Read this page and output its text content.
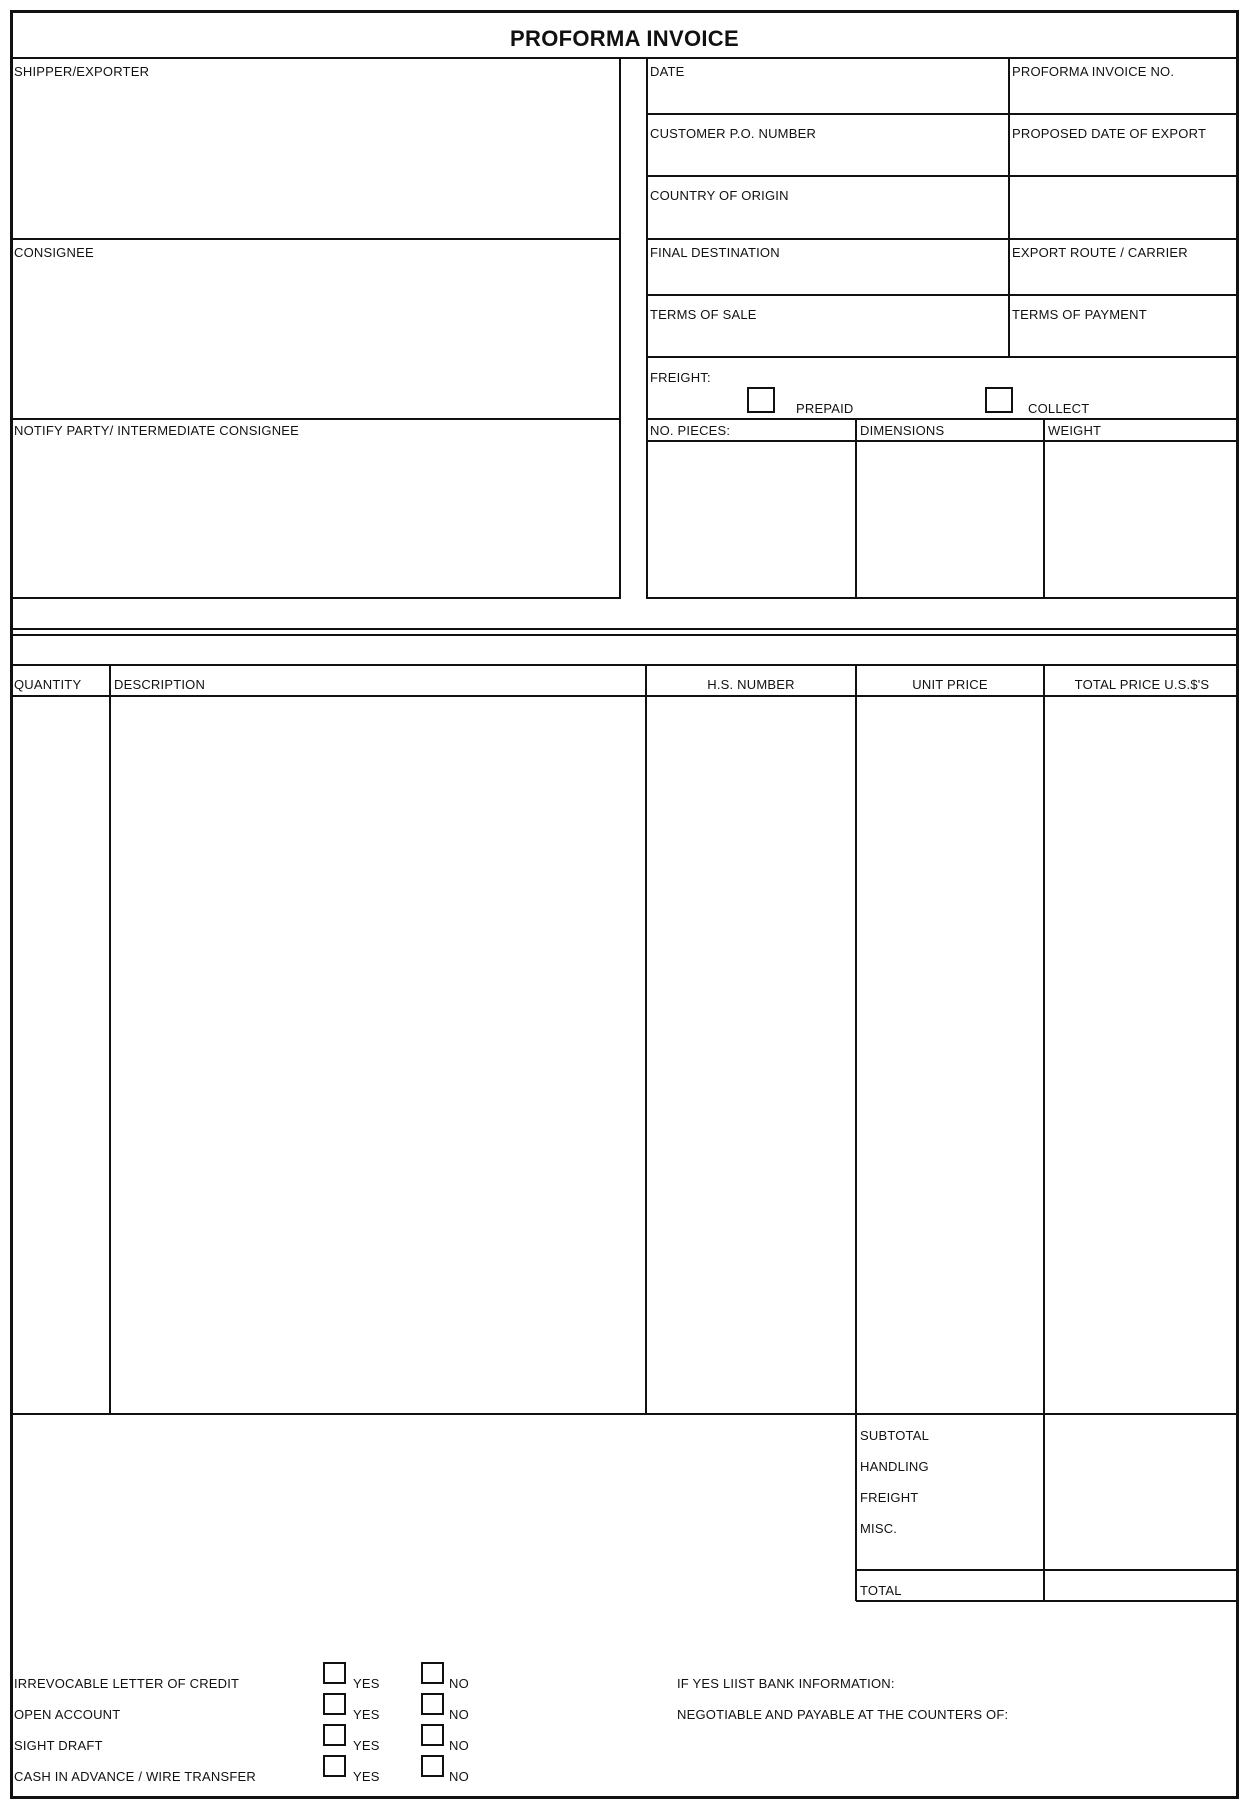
PROFORMA INVOICE
SHIPPER/EXPORTER
CONSIGNEE
NOTIFY PARTY/ INTERMEDIATE CONSIGNEE
DATE	PROFORMA INVOICE NO.
CUSTOMER P.O. NUMBER	PROPOSED DATE OF EXPORT
COUNTRY OF ORIGIN
FINAL DESTINATION	EXPORT ROUTE / CARRIER
TERMS OF SALE	TERMS OF PAYMENT
FREIGHT:
PREPAID	COLLECT
NO. PIECES:	DIMENSIONS	WEIGHT
QUANTITY	DESCRIPTION	H.S. NUMBER	UNIT PRICE	TOTAL PRICE U.S.$'S
SUBTOTAL
HANDLING
FREIGHT
MISC.
TOTAL
IRREVOCABLE LETTER OF CREDIT	YES	NO
OPEN ACCOUNT	YES	NO
SIGHT DRAFT	YES	NO
CASH IN ADVANCE / WIRE TRANSFER	YES	NO
IF YES LIIST BANK INFORMATION:
NEGOTIABLE AND PAYABLE AT THE COUNTERS OF:
